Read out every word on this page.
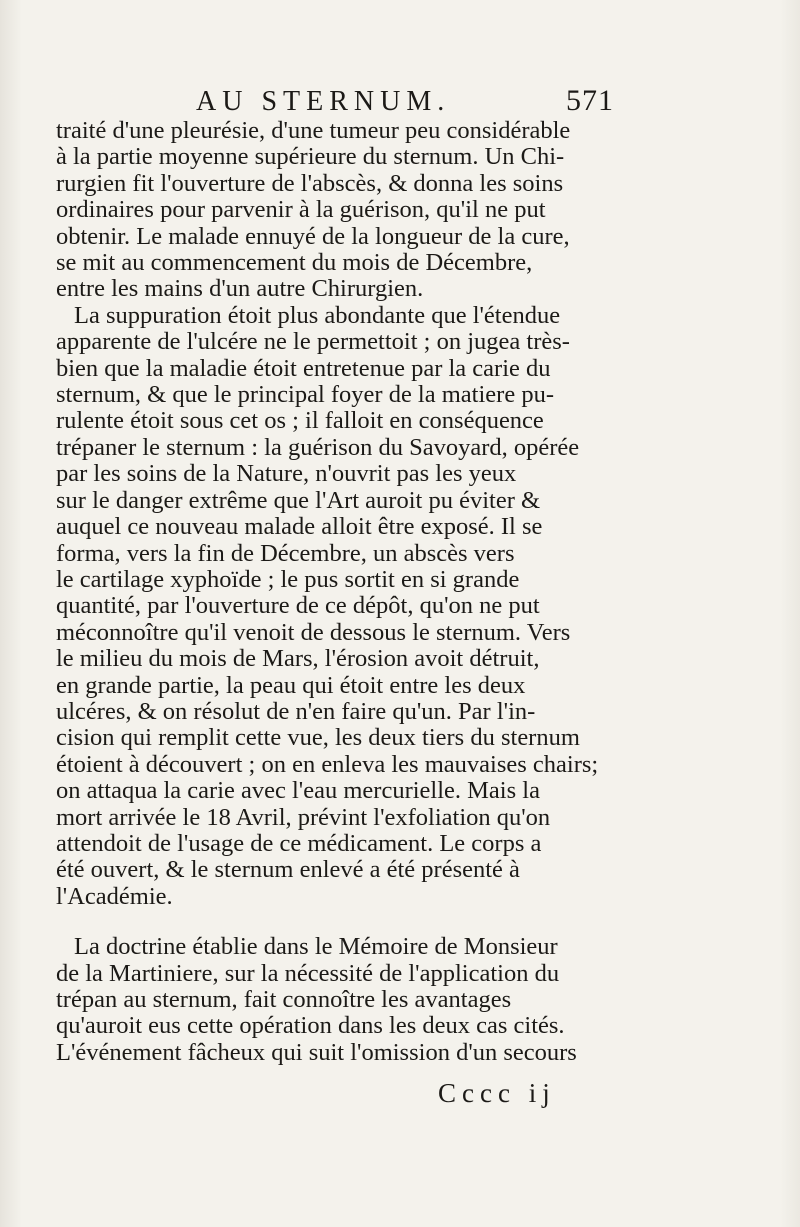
AU STERNUM.	571

traité d'une pleurésie, d'une tumeur peu considérable
à la partie moyenne supérieure du sternum. Un Chi-
rurgien fit l'ouverture de l'abscès, & donna les soins
ordinaires pour parvenir à la guérison, qu'il ne put
obtenir. Le malade ennuyé de la longueur de la cure,
se mit au commencement du mois de Décembre,
entre les mains d'un autre Chirurgien.

La suppuration étoit plus abondante que l'étendue
apparente de l'ulcére ne le permettoit ; on jugea très-
bien que la maladie étoit entretenue par la carie du
sternum, & que le principal foyer de la matiere pu-
rulente étoit sous cet os ; il falloit en conséquence
trépaner le sternum : la guérison du Savoyard, opérée
par les soins de la Nature, n'ouvrit pas les yeux
sur le danger extrême que l'Art auroit pu éviter &
auquel ce nouveau malade alloit être exposé. Il se
forma, vers la fin de Décembre, un abscès vers
le cartilage xyphoïde ; le pus sortit en si grande
quantité, par l'ouverture de ce dépôt, qu'on ne put
méconnoître qu'il venoit de dessous le sternum. Vers
le milieu du mois de Mars, l'érosion avoit détruit,
en grande partie, la peau qui étoit entre les deux
ulcéres, & on résolut de n'en faire qu'un. Par l'in-
cision qui remplit cette vue, les deux tiers du sternum
étoient à découvert ; on en enleva les mauvaises chairs;
on attaqua la carie avec l'eau mercurielle. Mais la
mort arrivée le 18 Avril, prévint l'exfoliation qu'on
attendoit de l'usage de ce médicament. Le corps a
été ouvert, & le sternum enlevé a été présenté à
l'Académie.

La doctrine établie dans le Mémoire de Monsieur
de la Martiniere, sur la nécessité de l'application du
trépan au sternum, fait connoître les avantages
qu'auroit eus cette opération dans les deux cas cités.
L'événement fâcheux qui suit l'omission d'un secours

Cccc ij
